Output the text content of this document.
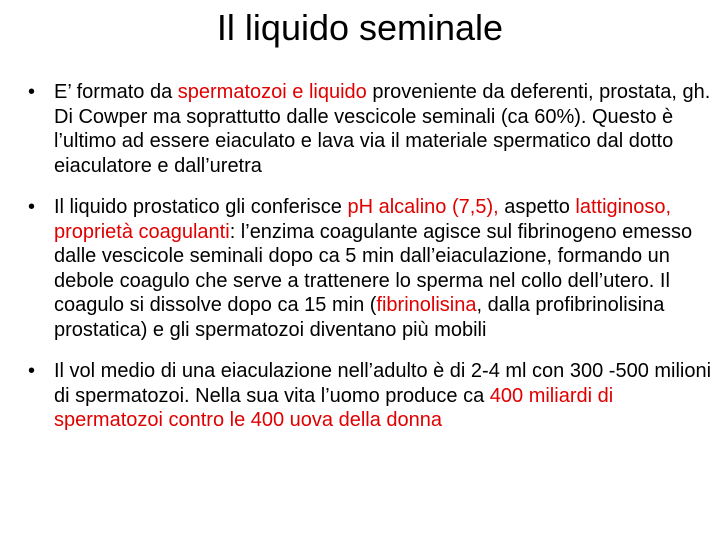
Il liquido seminale
• E’ formato da spermatozoi e liquido proveniente da deferenti, prostata, gh. Di Cowper ma soprattutto dalle vescicole seminali (ca 60%). Questo è l’ultimo ad essere eiaculato e lava via il materiale spermatico dal dotto eiaculatore e dall’uretra
• Il liquido prostatico gli conferisce pH alcalino (7,5), aspetto lattiginoso, proprietà coagulanti: l’enzima coagulante agisce sul fibrinogeno emesso dalle vescicole seminali dopo ca 5 min dall’eiaculazione, formando un debole coagulo che serve a trattenere lo sperma nel collo dell’utero. Il coagulo si dissolve dopo ca 15 min (fibrinolisina, dalla profibrinolisina prostatica) e gli spermatozoi diventano più mobili
• Il vol medio di una eiaculazione nell’adulto è di 2-4 ml con 300 -500 milioni di spermatozoi. Nella sua vita l’uomo produce ca 400 miliardi di spermatozoi contro le 400 uova della donna
